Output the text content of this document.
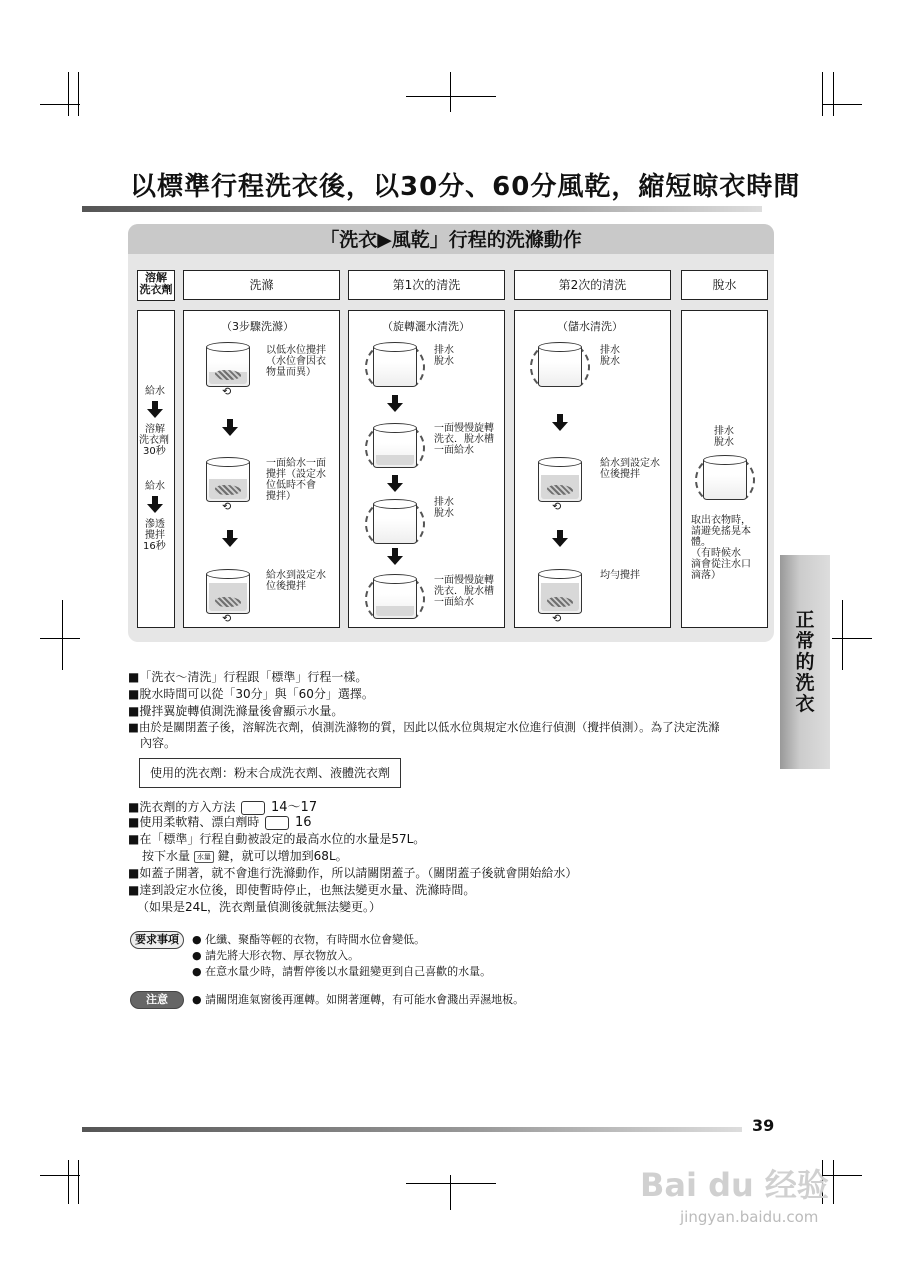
以標準行程洗衣後，以30分、60分風乾，縮短晾衣時間
「洗衣▶風乾」行程的洗滌動作
溶解
洗衣劑	洗滌	第1次的清洗	第2次的清洗	脫水
給水
溶解
洗衣劑
30秒
給水
滲透
攪拌
16秒
（3步驟洗滌）
⟲
以低水位攪拌
（水位會因衣
物量而異）
⟲
一面給水一面
攪拌（設定水
位低時不會
攪拌）
⟲
給水到設定水
位後攪拌
（旋轉灑水清洗）
排水
脫水
一面慢慢旋轉
洗衣．脫水槽
一面給水
排水
脫水
一面慢慢旋轉
洗衣．脫水槽
一面給水
（儲水清洗）
排水
脫水
⟲
給水到設定水
位後攪拌
⟲
均勻攪拌
排水
脫水
取出衣物時，
請避免搖晃本
體。
（有時候水
滴會從注水口
滴落）
正常的洗衣
■「洗衣～清洗」行程跟「標準」行程一樣。
■脫水時間可以從「30分」與「60分」選擇。
■攪拌翼旋轉偵測洗滌量後會顯示水量。
■由於是關閉蓋子後，溶解洗衣劑，偵測洗滌物的質，因此以低水位與規定水位進行偵測（攪拌偵測）。為了決定洗滌
　內容。
使用的洗衣劑：粉末合成洗衣劑、液體洗衣劑
■洗衣劑的方入方法	14～17
■使用柔軟精、漂白劑時	16
■在「標準」行程自動被設定的最高水位的水量是57L。
按下水量 水量 鍵，就可以增加到68L。
■如蓋子開著，就不會進行洗滌動作，所以請關閉蓋子。（關閉蓋子後就會開始給水）
■達到設定水位後，即使暫時停止，也無法變更水量、洗滌時間。
（如果是24L，洗衣劑量偵測後就無法變更。）
要求事項	● 化纖、聚酯等輕的衣物，有時間水位會變低。
● 請先將大形衣物、厚衣物放入。
● 在意水量少時，請暫停後以水量鈕變更到自己喜歡的水量。
注意	● 請關閉進氣窗後再運轉。如開著運轉，有可能水會濺出弄濕地板。
39
Bai du 经验
jingyan.baidu.com
